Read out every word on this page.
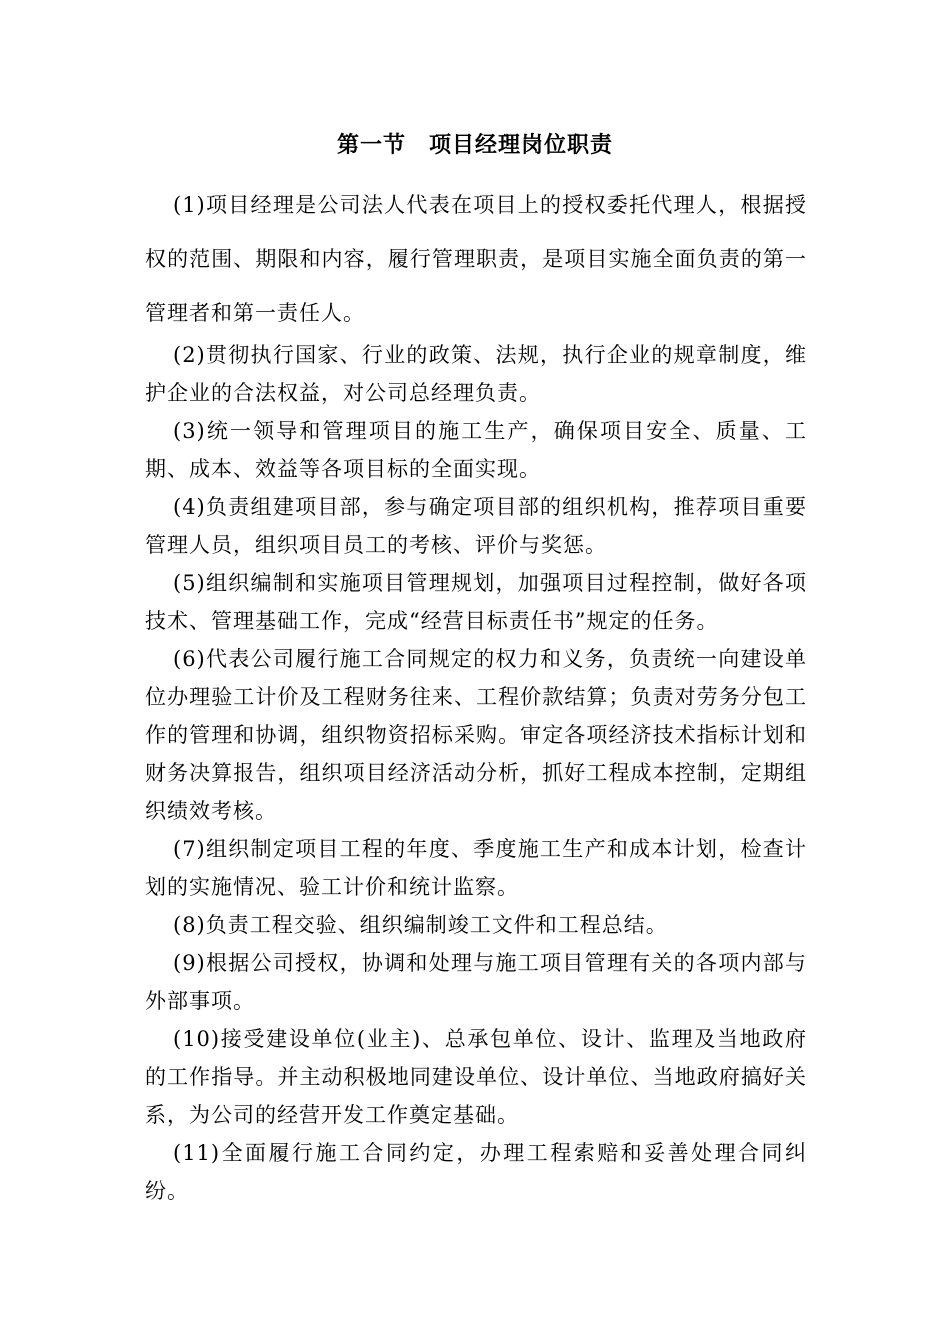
第一节　项目经理岗位职责

(1)项目经理是公司法人代表在项目上的授权委托代理人，根据授权的范围、期限和内容，履行管理职责，是项目实施全面负责的第一管理者和第一责任人。

(2)贯彻执行国家、行业的政策、法规，执行企业的规章制度，维护企业的合法权益，对公司总经理负责。

(3)统一领导和管理项目的施工生产，确保项目安全、质量、工期、成本、效益等各项目标的全面实现。

(4)负责组建项目部，参与确定项目部的组织机构，推荐项目重要管理人员，组织项目员工的考核、评价与奖惩。

(5)组织编制和实施项目管理规划，加强项目过程控制，做好各项技术、管理基础工作，完成“经营目标责任书”规定的任务。

(6)代表公司履行施工合同规定的权力和义务，负责统一向建设单位办理验工计价及工程财务往来、工程价款结算；负责对劳务分包工作的管理和协调，组织物资招标采购。审定各项经济技术指标计划和财务决算报告，组织项目经济活动分析，抓好工程成本控制，定期组织绩效考核。

(7)组织制定项目工程的年度、季度施工生产和成本计划，检查计划的实施情况、验工计价和统计监察。

(8)负责工程交验、组织编制竣工文件和工程总结。

(9)根据公司授权，协调和处理与施工项目管理有关的各项内部与外部事项。

(10)接受建设单位(业主)、总承包单位、设计、监理及当地政府的工作指导。并主动积极地同建设单位、设计单位、当地政府搞好关系，为公司的经营开发工作奠定基础。

(11)全面履行施工合同约定，办理工程索赔和妥善处理合同纠纷。
